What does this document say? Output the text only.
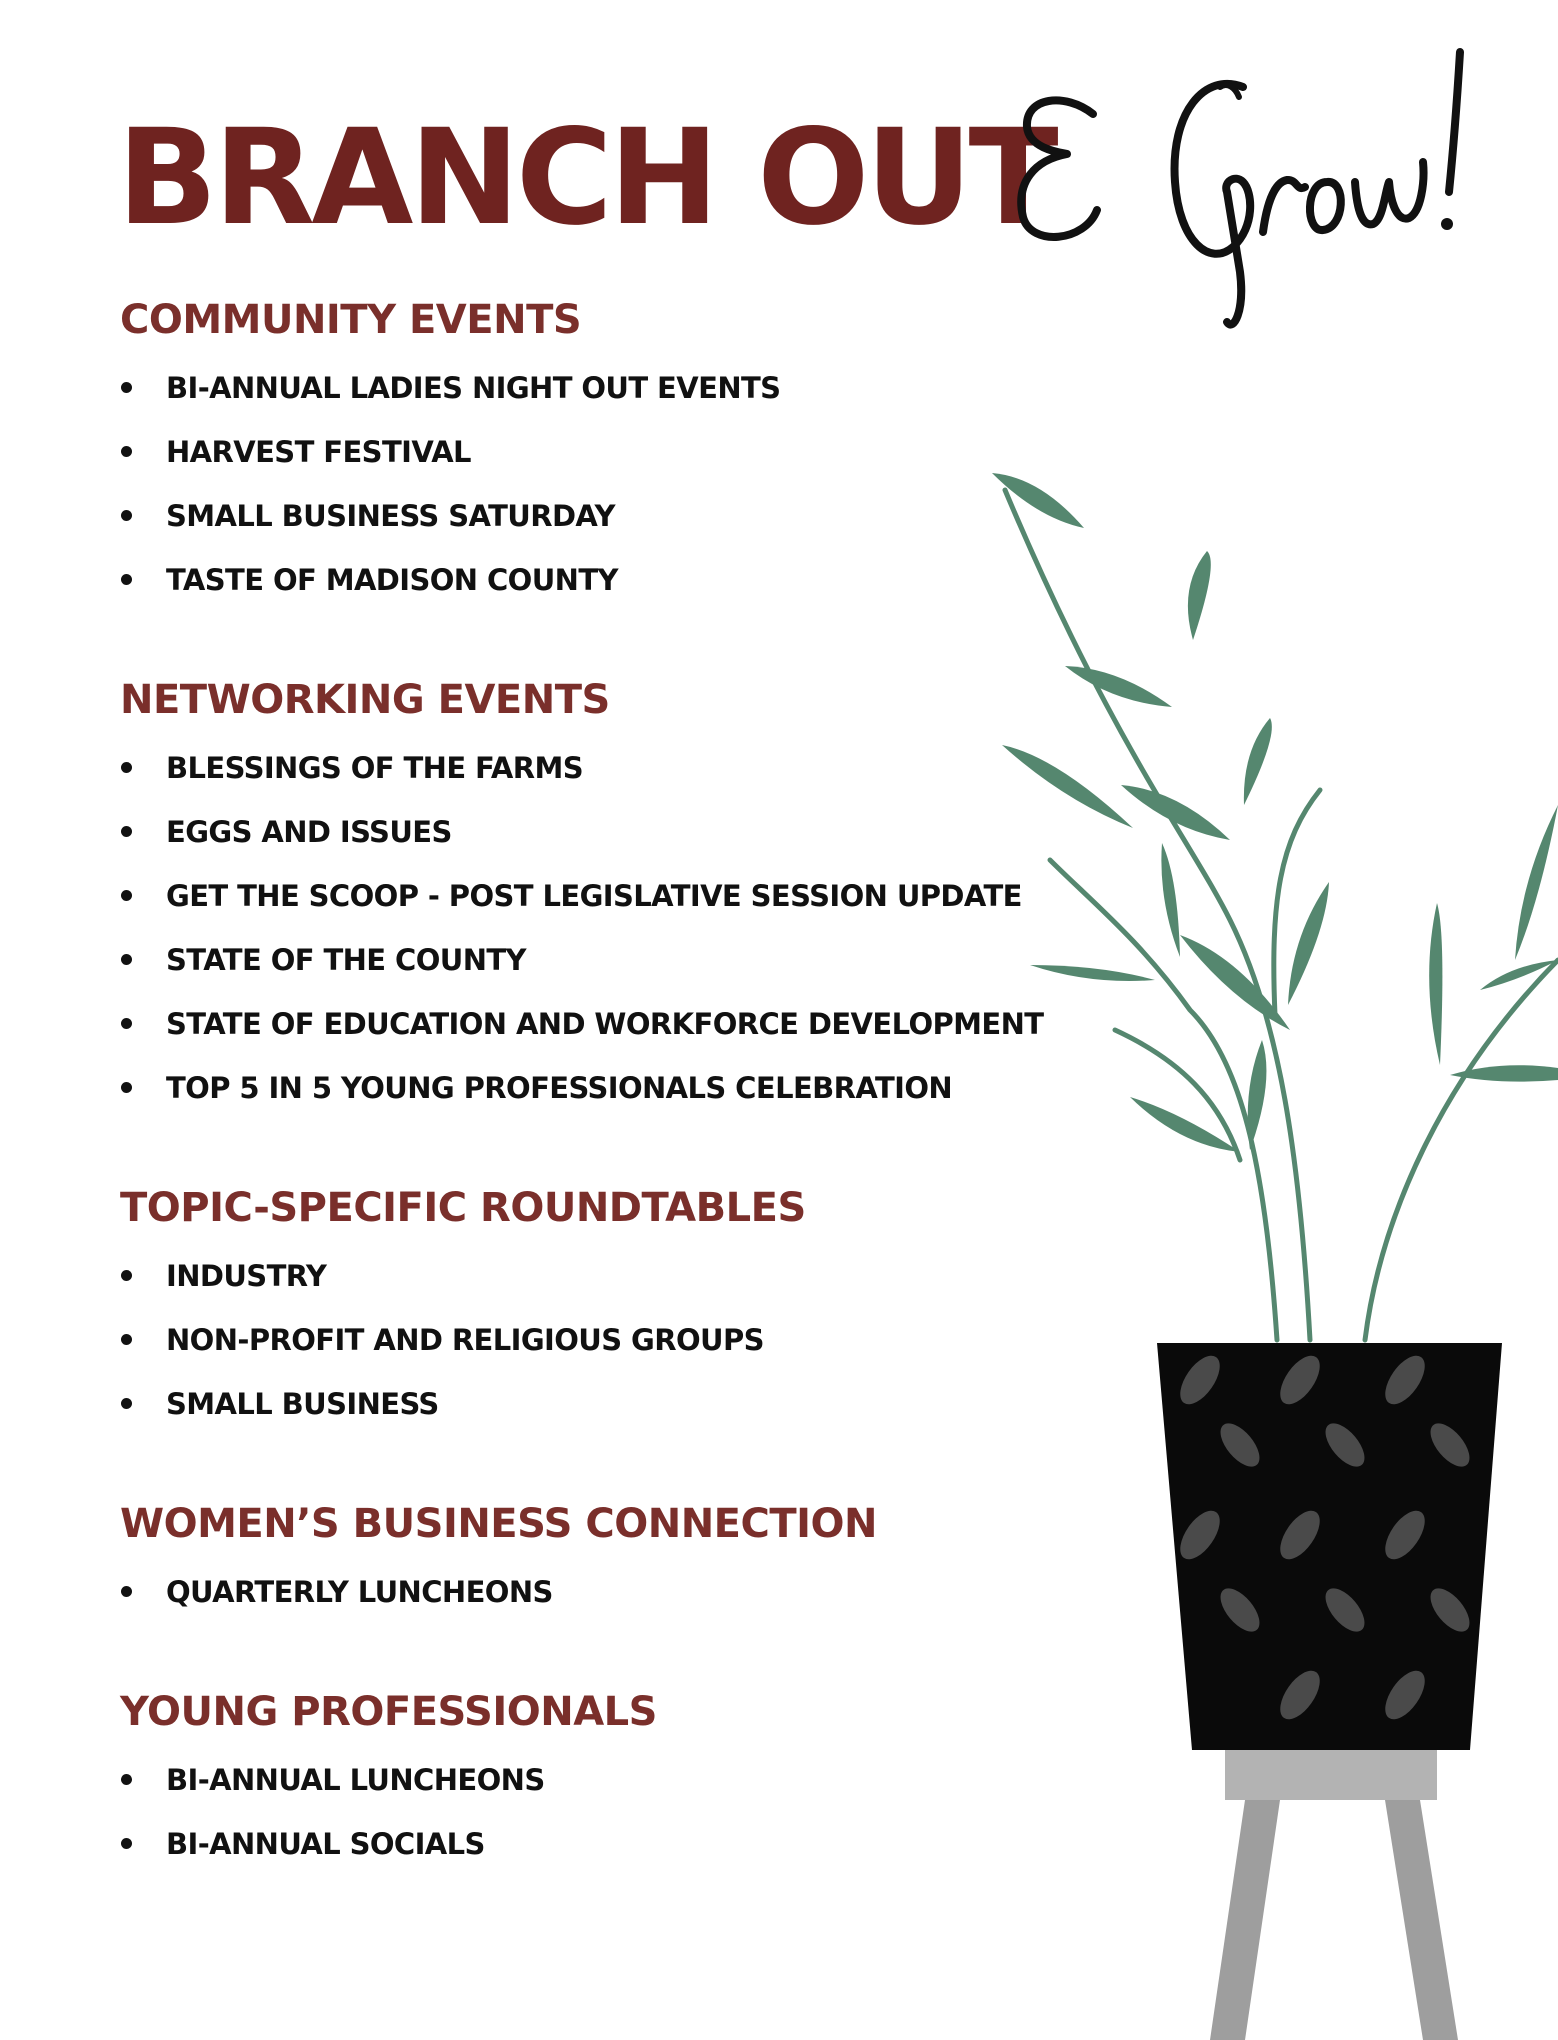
BRANCH OUT
COMMUNITY EVENTS
BI-ANNUAL LADIES NIGHT OUT EVENTS
HARVEST FESTIVAL
SMALL BUSINESS SATURDAY
TASTE OF MADISON COUNTY
NETWORKING EVENTS
BLESSINGS OF THE FARMS
EGGS AND ISSUES
GET THE SCOOP - POST LEGISLATIVE SESSION UPDATE
STATE OF THE COUNTY
STATE OF EDUCATION AND WORKFORCE DEVELOPMENT
TOP 5 IN 5 YOUNG PROFESSIONALS CELEBRATION
TOPIC-SPECIFIC ROUNDTABLES
INDUSTRY
NON-PROFIT AND RELIGIOUS GROUPS
SMALL BUSINESS
WOMEN’S BUSINESS CONNECTION
QUARTERLY LUNCHEONS
YOUNG PROFESSIONALS
BI-ANNUAL LUNCHEONS
BI-ANNUAL SOCIALS
